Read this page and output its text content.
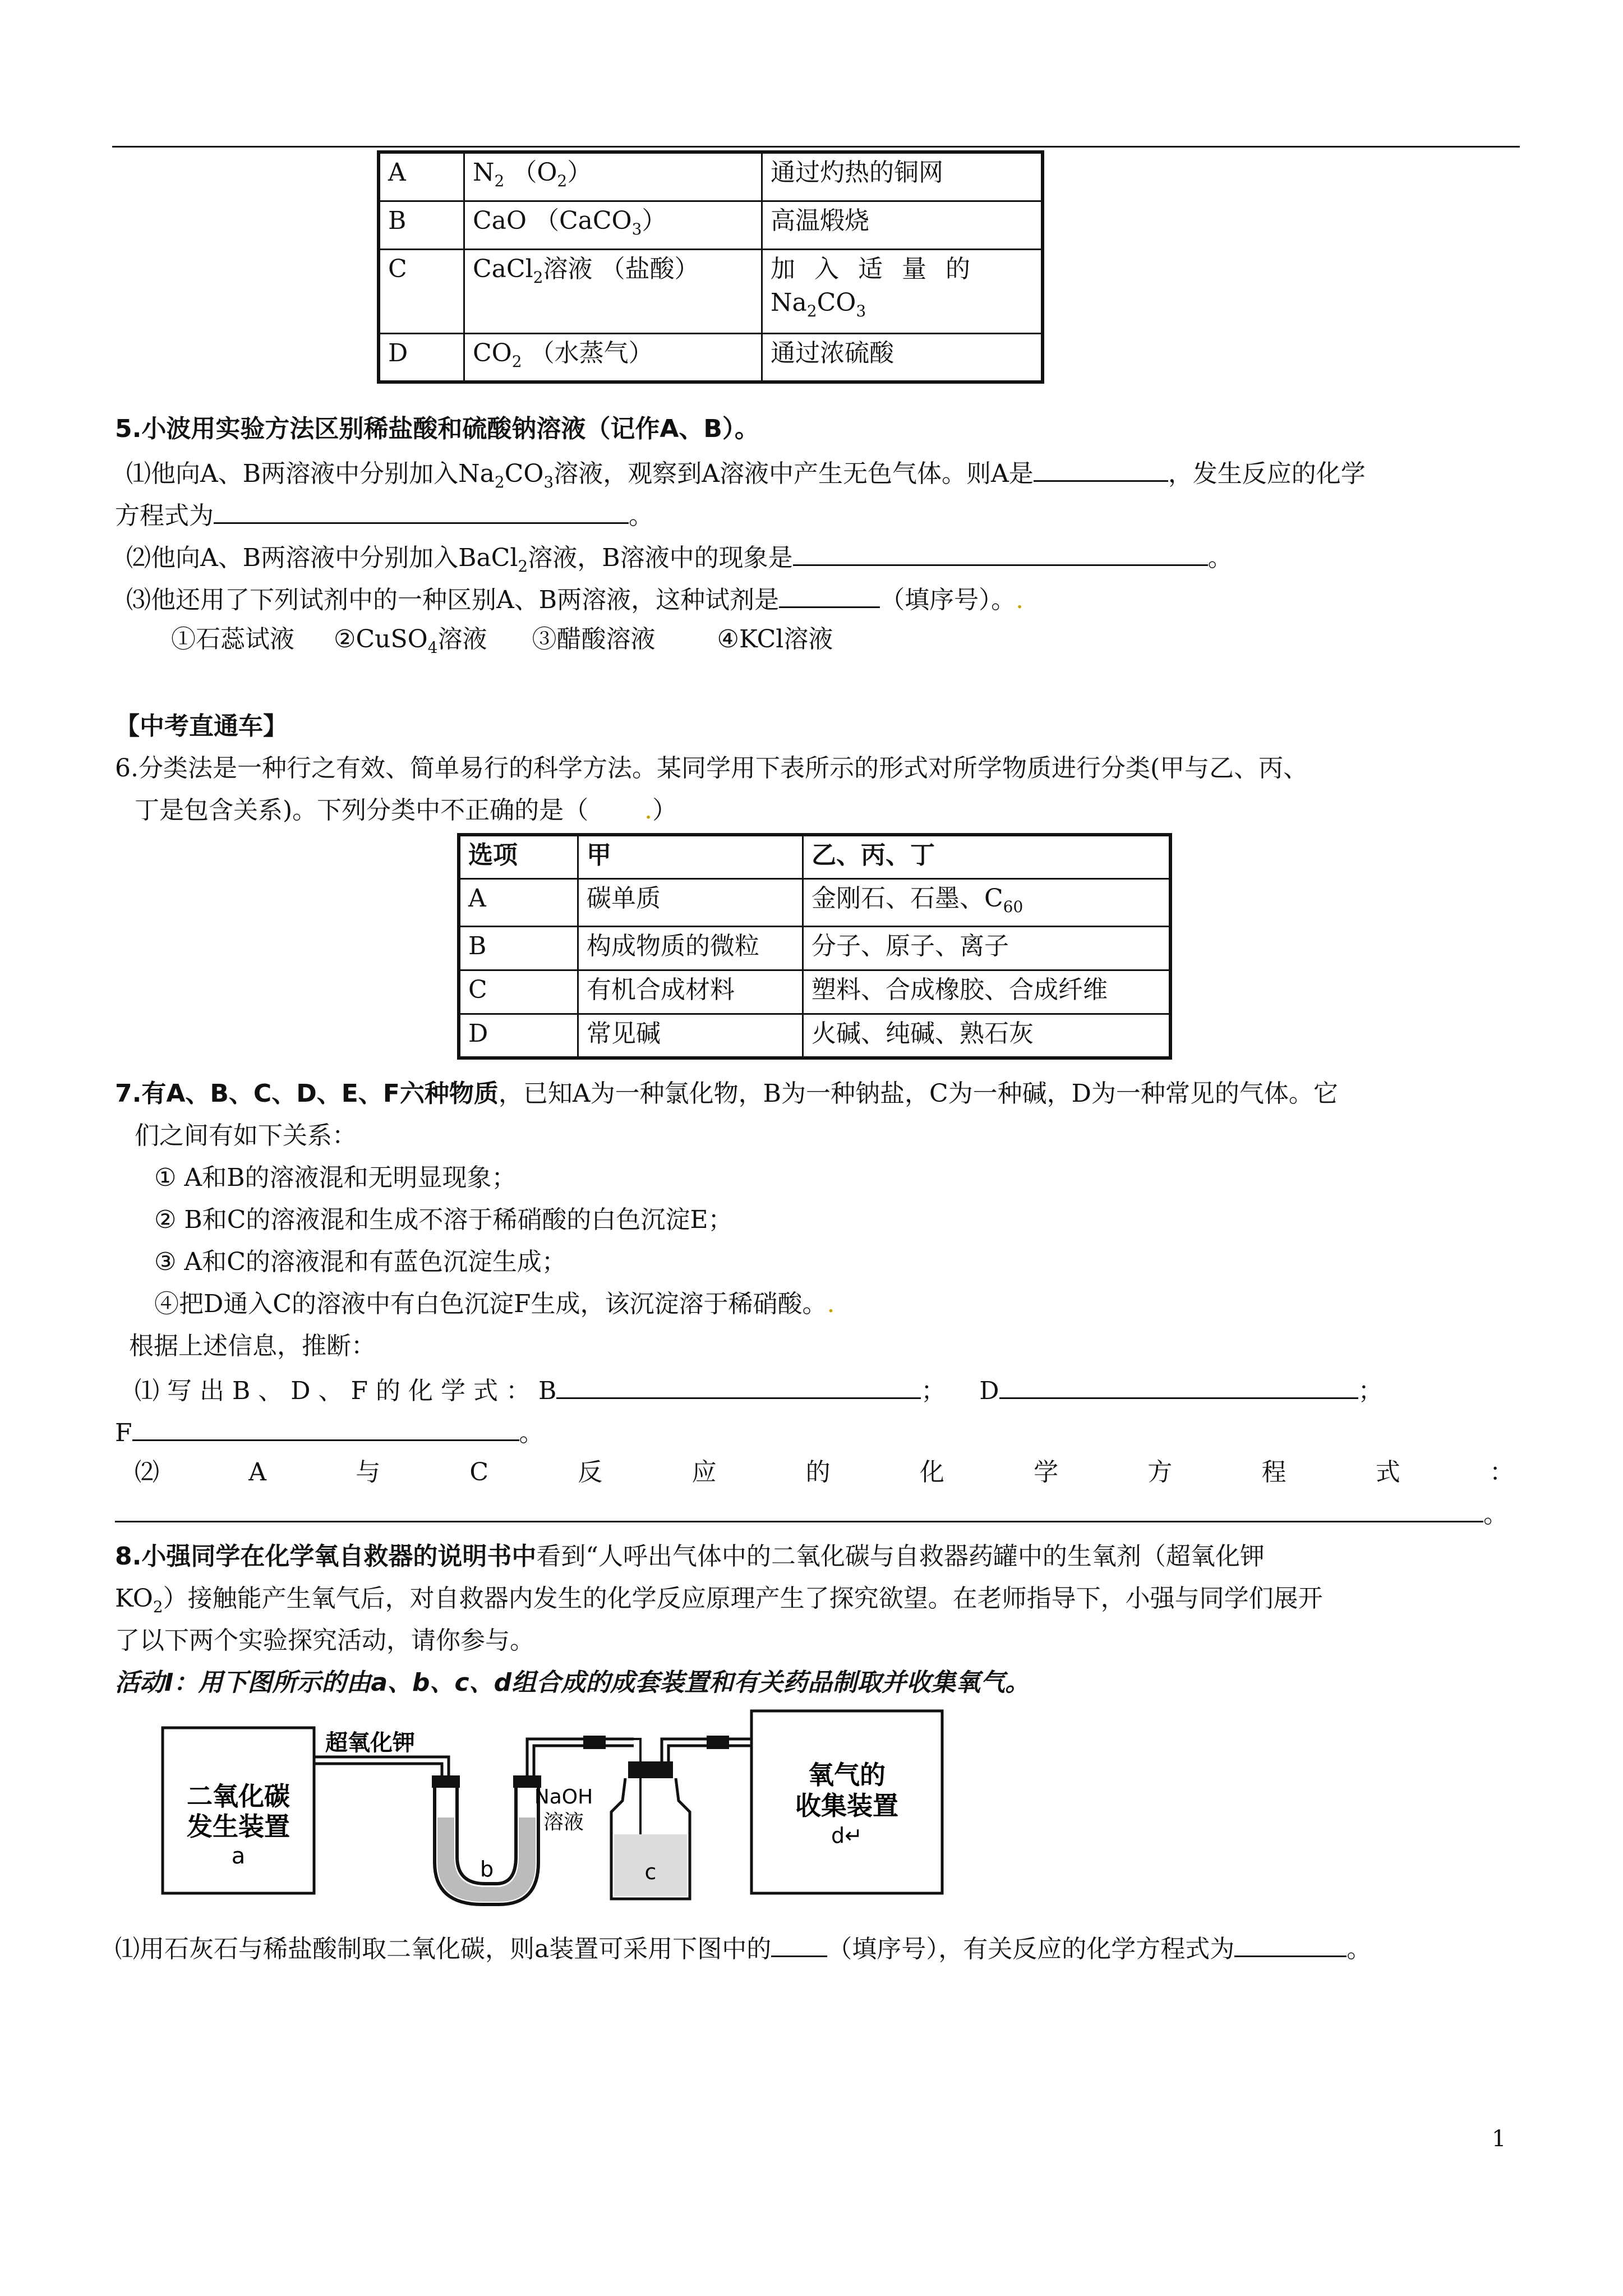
A	$N_2$ $(O_2)$	通过灼热的铜网
B	CaO （CaCO$_3$）	高温煅烧
C	CaCl$_2$溶液 （盐酸）	加 入 适 量 的
$Na_2CO_3$
D	$CO_2$ （水蒸气）	通过浓硫酸
5.小波用实验方法区别稀盐酸和硫酸钠溶液（记作A、B）。
⑴他向A、B两溶液中分别加入$Na_2CO_3$溶液，观察到A溶液中产生无色气体。则A是	，发生反应的化学
方程式为	。
⑵他向A、B两溶液中分别加入BaCl$_2$溶液，B溶液中的现象是	。
⑶他还用了下列试剂中的一种区别A、B两溶液，这种试剂是	（填序号）。.
①石蕊试液 ②CuSO$_4$溶液 ③醋酸溶液	④KCl溶液
【中考直通车】
6.分类法是一种行之有效、简单易行的科学方法。某同学用下表所示的形式对所学物质进行分类(甲与乙、丙、
丁是包含关系)。下列分类中不正确的是（ .）
选项	甲	乙、丙、丁
A	碳单质	金刚石、石墨、$C_{60}$
B	构成物质的微粒	分子、原子、离子
C	有机合成材料	塑料、合成橡胶、合成纤维
D	常见碱	火碱、纯碱、熟石灰
7.有A、B、C、D、E、F六种物质，已知A为一种氯化物，B为一种钠盐，C为一种碱，D为一种常见的气体。它
们之间有如下关系：
① A和B的溶液混和无明显现象；
② B和C的溶液混和生成不溶于稀硝酸的白色沉淀E；
③ A和C的溶液混和有蓝色沉淀生成；
④把D通入C的溶液中有白色沉淀F生成，该沉淀溶于稀硝酸。.
根据上述信息，推断：
⑴ 写 出 B 、 D 、 F 的 化 学 式 ： B	； D	；
F	。
⑵	A	与	C	反	应	的	化	学	方	程	式	：
。
8.小强同学在化学氧自救器的说明书中看到“人呼出气体中的二氧化碳与自救器药罐中的生氧剂（超氧化钾
$KO_2$）接触能产生氧气后，对自救器内发生的化学反应原理产生了探究欲望。在老师指导下，小强与同学们展开
了以下两个实验探究活动，请你参与。
活动Ⅰ：用下图所示的由a、b、c、d组合成的成套装置和有关药品制取并收集氧气。
二氧化碳
发生装置
a
超氧化钾
b
NaOH
溶液
c
氧气的
收集装置
d↵
⑴用石灰石与稀盐酸制取二氧化碳，则a装置可采用下图中的 （填序号），有关反应的化学方程式为	。
1
